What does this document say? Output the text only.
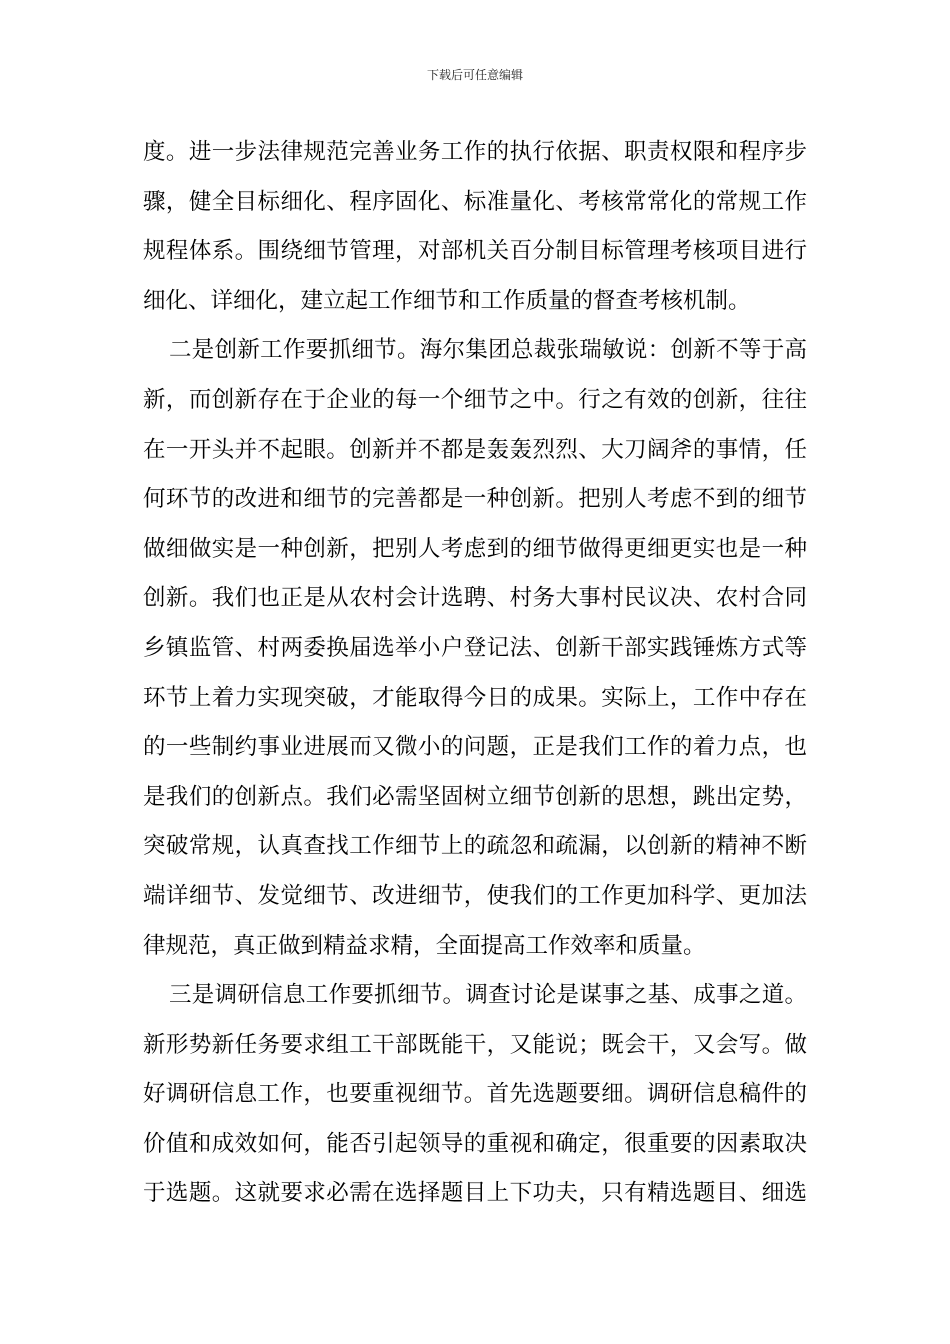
下载后可任意编辑
度。进一步法律规范完善业务工作的执行依据、职责权限和程序步
骤，健全目标细化、程序固化、标准量化、考核常常化的常规工作
规程体系。围绕细节管理，对部机关百分制目标管理考核项目进行
细化、详细化，建立起工作细节和工作质量的督查考核机制。
二是创新工作要抓细节。海尔集团总裁张瑞敏说：创新不等于高
新，而创新存在于企业的每一个细节之中。行之有效的创新，往往
在一开头并不起眼。创新并不都是轰轰烈烈、大刀阔斧的事情，任
何环节的改进和细节的完善都是一种创新。把别人考虑不到的细节
做细做实是一种创新，把别人考虑到的细节做得更细更实也是一种
创新。我们也正是从农村会计选聘、村务大事村民议决、农村合同
乡镇监管、村两委换届选举小户登记法、创新干部实践锤炼方式等
环节上着力实现突破，才能取得今日的成果。实际上，工作中存在
的一些制约事业进展而又微小的问题，正是我们工作的着力点，也
是我们的创新点。我们必需坚固树立细节创新的思想，跳出定势，
突破常规，认真查找工作细节上的疏忽和疏漏，以创新的精神不断
端详细节、发觉细节、改进细节，使我们的工作更加科学、更加法
律规范，真正做到精益求精，全面提高工作效率和质量。
三是调研信息工作要抓细节。调查讨论是谋事之基、成事之道。
新形势新任务要求组工干部既能干，又能说；既会干，又会写。做
好调研信息工作，也要重视细节。首先选题要细。调研信息稿件的
价值和成效如何，能否引起领导的重视和确定，很重要的因素取决
于选题。这就要求必需在选择题目上下功夫，只有精选题目、细选
